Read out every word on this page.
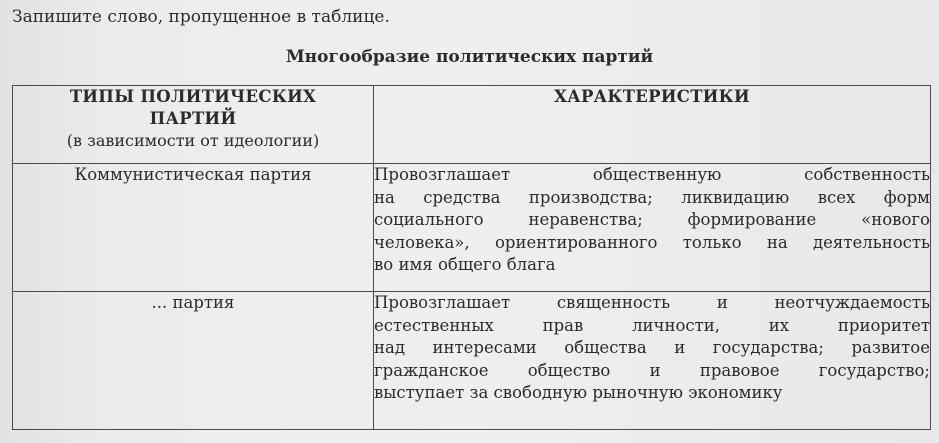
Запишите слово, пропущенное в таблице.
Многообразие политических партий
ТИПЫ ПОЛИТИЧЕСКИХ
ПАРТИЙ
(в зависимости от идеологии)	ХАРАКТЕРИСТИКИ
Коммунистическая партия	Провозглашает общественную собственность
на средства производства; ликвидацию всех форм
социального неравенства; формирование «нового
человека», ориентированного только на деятельность
во имя общего блага

... партия	Провозглашает священность и неотчуждаемость
естественных прав личности, их приоритет
над интересами общества и государства; развитое
гражданское общество и правовое государство;
выступает за свободную рыночную экономику
